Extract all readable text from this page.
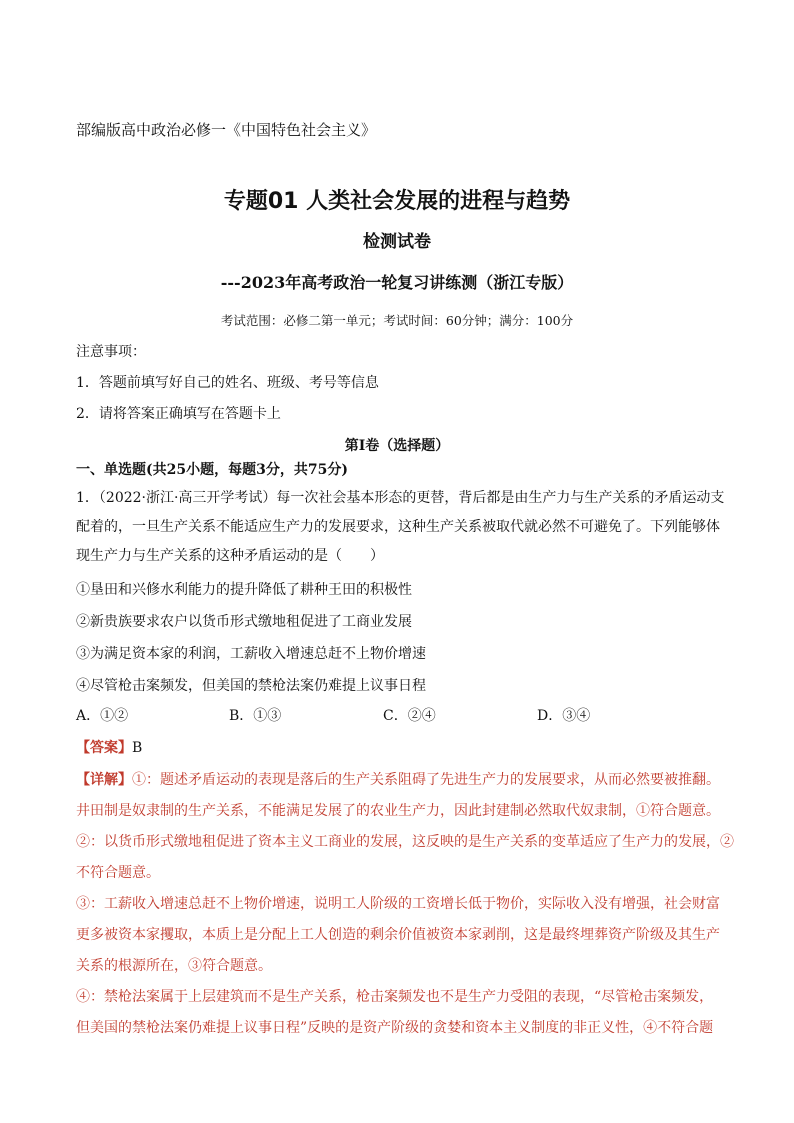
部编版高中政治必修一《中国特色社会主义》
专题01 人类社会发展的进程与趋势
检测试卷
---2023年高考政治一轮复习讲练测（浙江专版）
考试范围：必修二第一单元；考试时间：60分钟；满分：100分
注意事项：
1．答题前填写好自己的姓名、班级、考号等信息
2．请将答案正确填写在答题卡上
第I卷（选择题）
一、单选题(共25小题，每题3分，共75分)
1．（2022·浙江·高三开学考试）每一次社会基本形态的更替，背后都是由生产力与生产关系的矛盾运动支
配着的，一旦生产关系不能适应生产力的发展要求，这种生产关系被取代就必然不可避免了。下列能够体
现生产力与生产关系的这种矛盾运动的是（　　）
①垦田和兴修水利能力的提升降低了耕种王田的积极性
②新贵族要求农户以货币形式缴地租促进了工商业发展
③为满足资本家的利润，工薪收入增速总赶不上物价增速
④尽管枪击案频发，但美国的禁枪法案仍难提上议事日程
A．①②	B．①③	C．②④	D．③④
【答案】B
【详解】①：题述矛盾运动的表现是落后的生产关系阻碍了先进生产力的发展要求，从而必然要被推翻。
井田制是奴隶制的生产关系，不能满足发展了的农业生产力，因此封建制必然取代奴隶制，①符合题意。
②：以货币形式缴地租促进了资本主义工商业的发展，这反映的是生产关系的变革适应了生产力的发展，②
不符合题意。
③：工薪收入增速总赶不上物价增速，说明工人阶级的工资增长低于物价，实际收入没有增强，社会财富
更多被资本家攫取，本质上是分配上工人创造的剩余价值被资本家剥削，这是最终埋葬资产阶级及其生产
关系的根源所在，③符合题意。
④：禁枪法案属于上层建筑而不是生产关系，枪击案频发也不是生产力受阻的表现，“尽管枪击案频发，
但美国的禁枪法案仍难提上议事日程”反映的是资产阶级的贪婪和资本主义制度的非正义性，④不符合题
